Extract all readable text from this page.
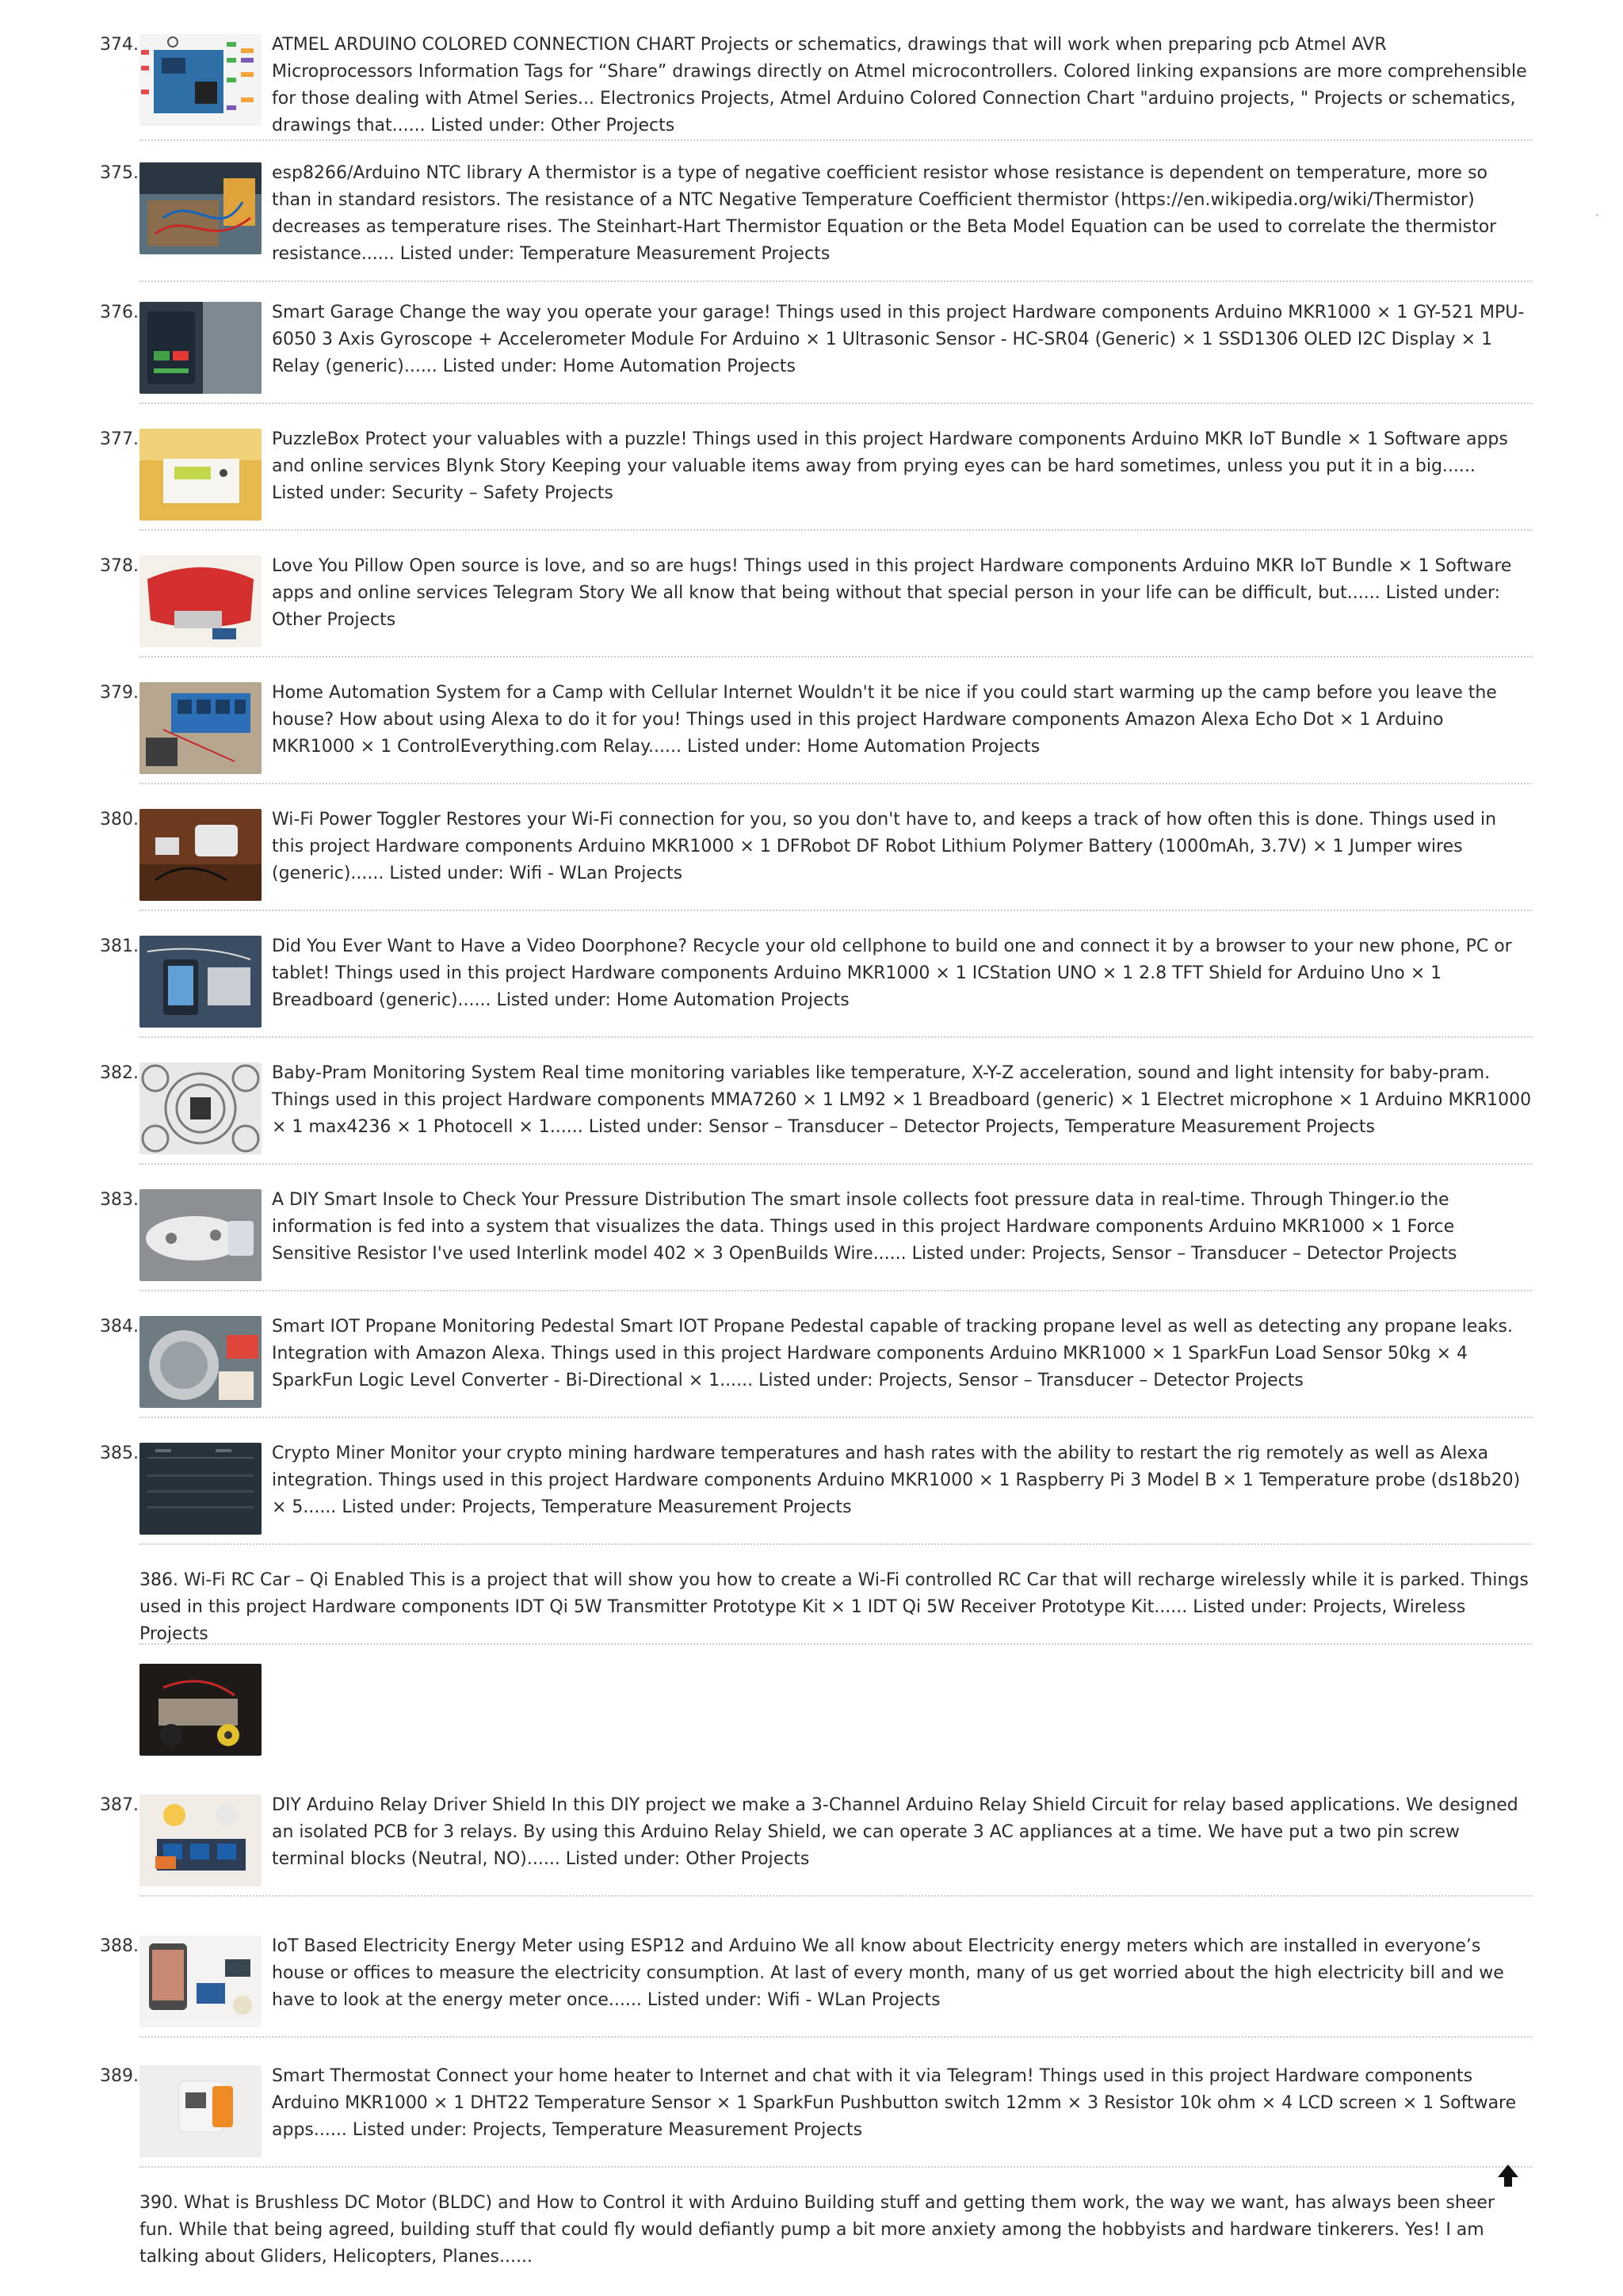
374.	ATMEL ARDUINO COLORED CONNECTION CHART Projects or schematics, drawings that will work when preparing pcb Atmel AVR Microprocessors Information Tags for “Share” drawings directly on Atmel microcontrollers. Colored linking expansions are more comprehensible for those dealing with Atmel Series... Electronics Projects, Atmel Arduino Colored Connection Chart "arduino projects, " Projects or schematics, drawings that...... Listed under: Other Projects
375.	esp8266/Arduino NTC library A thermistor is a type of negative coefficient resistor whose resistance is dependent on temperature, more so than in standard resistors. The resistance of a NTC Negative Temperature Coefficient thermistor (https://en.wikipedia.org/wiki/Thermistor) decreases as temperature rises. The Steinhart-Hart Thermistor Equation or the Beta Model Equation can be used to correlate the thermistor resistance...... Listed under: Temperature Measurement Projects
376.	Smart Garage Change the way you operate your garage! Things used in this project Hardware components Arduino MKR1000 × 1 GY-521 MPU-6050 3 Axis Gyroscope + Accelerometer Module For Arduino × 1 Ultrasonic Sensor - HC-SR04 (Generic) × 1 SSD1306 OLED I2C Display × 1 Relay (generic)...... Listed under: Home Automation Projects
377.	PuzzleBox Protect your valuables with a puzzle! Things used in this project Hardware components Arduino MKR IoT Bundle × 1 Software apps and online services Blynk Story Keeping your valuable items away from prying eyes can be hard sometimes, unless you put it in a big...... Listed under: Security – Safety Projects
378.	Love You Pillow Open source is love, and so are hugs! Things used in this project Hardware components Arduino MKR IoT Bundle × 1 Software apps and online services Telegram Story We all know that being without that special person in your life can be difficult, but...... Listed under: Other Projects
379.	Home Automation System for a Camp with Cellular Internet Wouldn't it be nice if you could start warming up the camp before you leave the house? How about using Alexa to do it for you! Things used in this project Hardware components Amazon Alexa Echo Dot × 1 Arduino MKR1000 × 1 ControlEverything.com Relay...... Listed under: Home Automation Projects
380.	Wi-Fi Power Toggler Restores your Wi-Fi connection for you, so you don't have to, and keeps a track of how often this is done. Things used in this project Hardware components Arduino MKR1000 × 1 DFRobot DF Robot Lithium Polymer Battery (1000mAh, 3.7V) × 1 Jumper wires (generic)...... Listed under: Wifi - WLan Projects
381.	Did You Ever Want to Have a Video Doorphone? Recycle your old cellphone to build one and connect it by a browser to your new phone, PC or tablet! Things used in this project Hardware components Arduino MKR1000 × 1 ICStation UNO × 1 2.8 TFT Shield for Arduino Uno × 1 Breadboard (generic)...... Listed under: Home Automation Projects
382.	Baby-Pram Monitoring System Real time monitoring variables like temperature, X-Y-Z acceleration, sound and light intensity for baby-pram. Things used in this project Hardware components MMA7260 × 1 LM92 × 1 Breadboard (generic) × 1 Electret microphone × 1 Arduino MKR1000 × 1 max4236 × 1 Photocell × 1...... Listed under: Sensor – Transducer – Detector Projects, Temperature Measurement Projects
383.	A DIY Smart Insole to Check Your Pressure Distribution The smart insole collects foot pressure data in real-time. Through Thinger.io the information is fed into a system that visualizes the data. Things used in this project Hardware components Arduino MKR1000 × 1 Force Sensitive Resistor I've used Interlink model 402 × 3 OpenBuilds Wire...... Listed under: Projects, Sensor – Transducer – Detector Projects
384.	Smart IOT Propane Monitoring Pedestal Smart IOT Propane Pedestal capable of tracking propane level as well as detecting any propane leaks. Integration with Amazon Alexa. Things used in this project Hardware components Arduino MKR1000 × 1 SparkFun Load Sensor 50kg × 4 SparkFun Logic Level Converter - Bi-Directional × 1...... Listed under: Projects, Sensor – Transducer – Detector Projects
385.	Crypto Miner Monitor your crypto mining hardware temperatures and hash rates with the ability to restart the rig remotely as well as Alexa integration. Things used in this project Hardware components Arduino MKR1000 × 1 Raspberry Pi 3 Model B × 1 Temperature probe (ds18b20) × 5...... Listed under: Projects, Temperature Measurement Projects
386. Wi-Fi RC Car – Qi Enabled This is a project that will show you how to create a Wi-Fi controlled RC Car that will recharge wirelessly while it is parked. Things used in this project Hardware components IDT Qi 5W Transmitter Prototype Kit × 1 IDT Qi 5W Receiver Prototype Kit...... Listed under: Projects, Wireless Projects
387.	DIY Arduino Relay Driver Shield In this DIY project we make a 3-Channel Arduino Relay Shield Circuit for relay based applications. We designed an isolated PCB for 3 relays. By using this Arduino Relay Shield, we can operate 3 AC appliances at a time. We have put a two pin screw terminal blocks (Neutral, NO)...... Listed under: Other Projects
388.	IoT Based Electricity Energy Meter using ESP12 and Arduino We all know about Electricity energy meters which are installed in everyone’s house or offices to measure the electricity consumption. At last of every month, many of us get worried about the high electricity bill and we have to look at the energy meter once...... Listed under: Wifi - WLan Projects
389.	Smart Thermostat Connect your home heater to Internet and chat with it via Telegram! Things used in this project Hardware components Arduino MKR1000 × 1 DHT22 Temperature Sensor × 1 SparkFun Pushbutton switch 12mm × 3 Resistor 10k ohm × 4 LCD screen × 1 Software apps...... Listed under: Projects, Temperature Measurement Projects
390. What is Brushless DC Motor (BLDC) and How to Control it with Arduino Building stuff and getting them work, the way we want, has always been sheer fun. While that being agreed, building stuff that could fly would defiantly pump a bit more anxiety among the hobbyists and hardware tinkerers. Yes! I am talking about Gliders, Helicopters, Planes......
